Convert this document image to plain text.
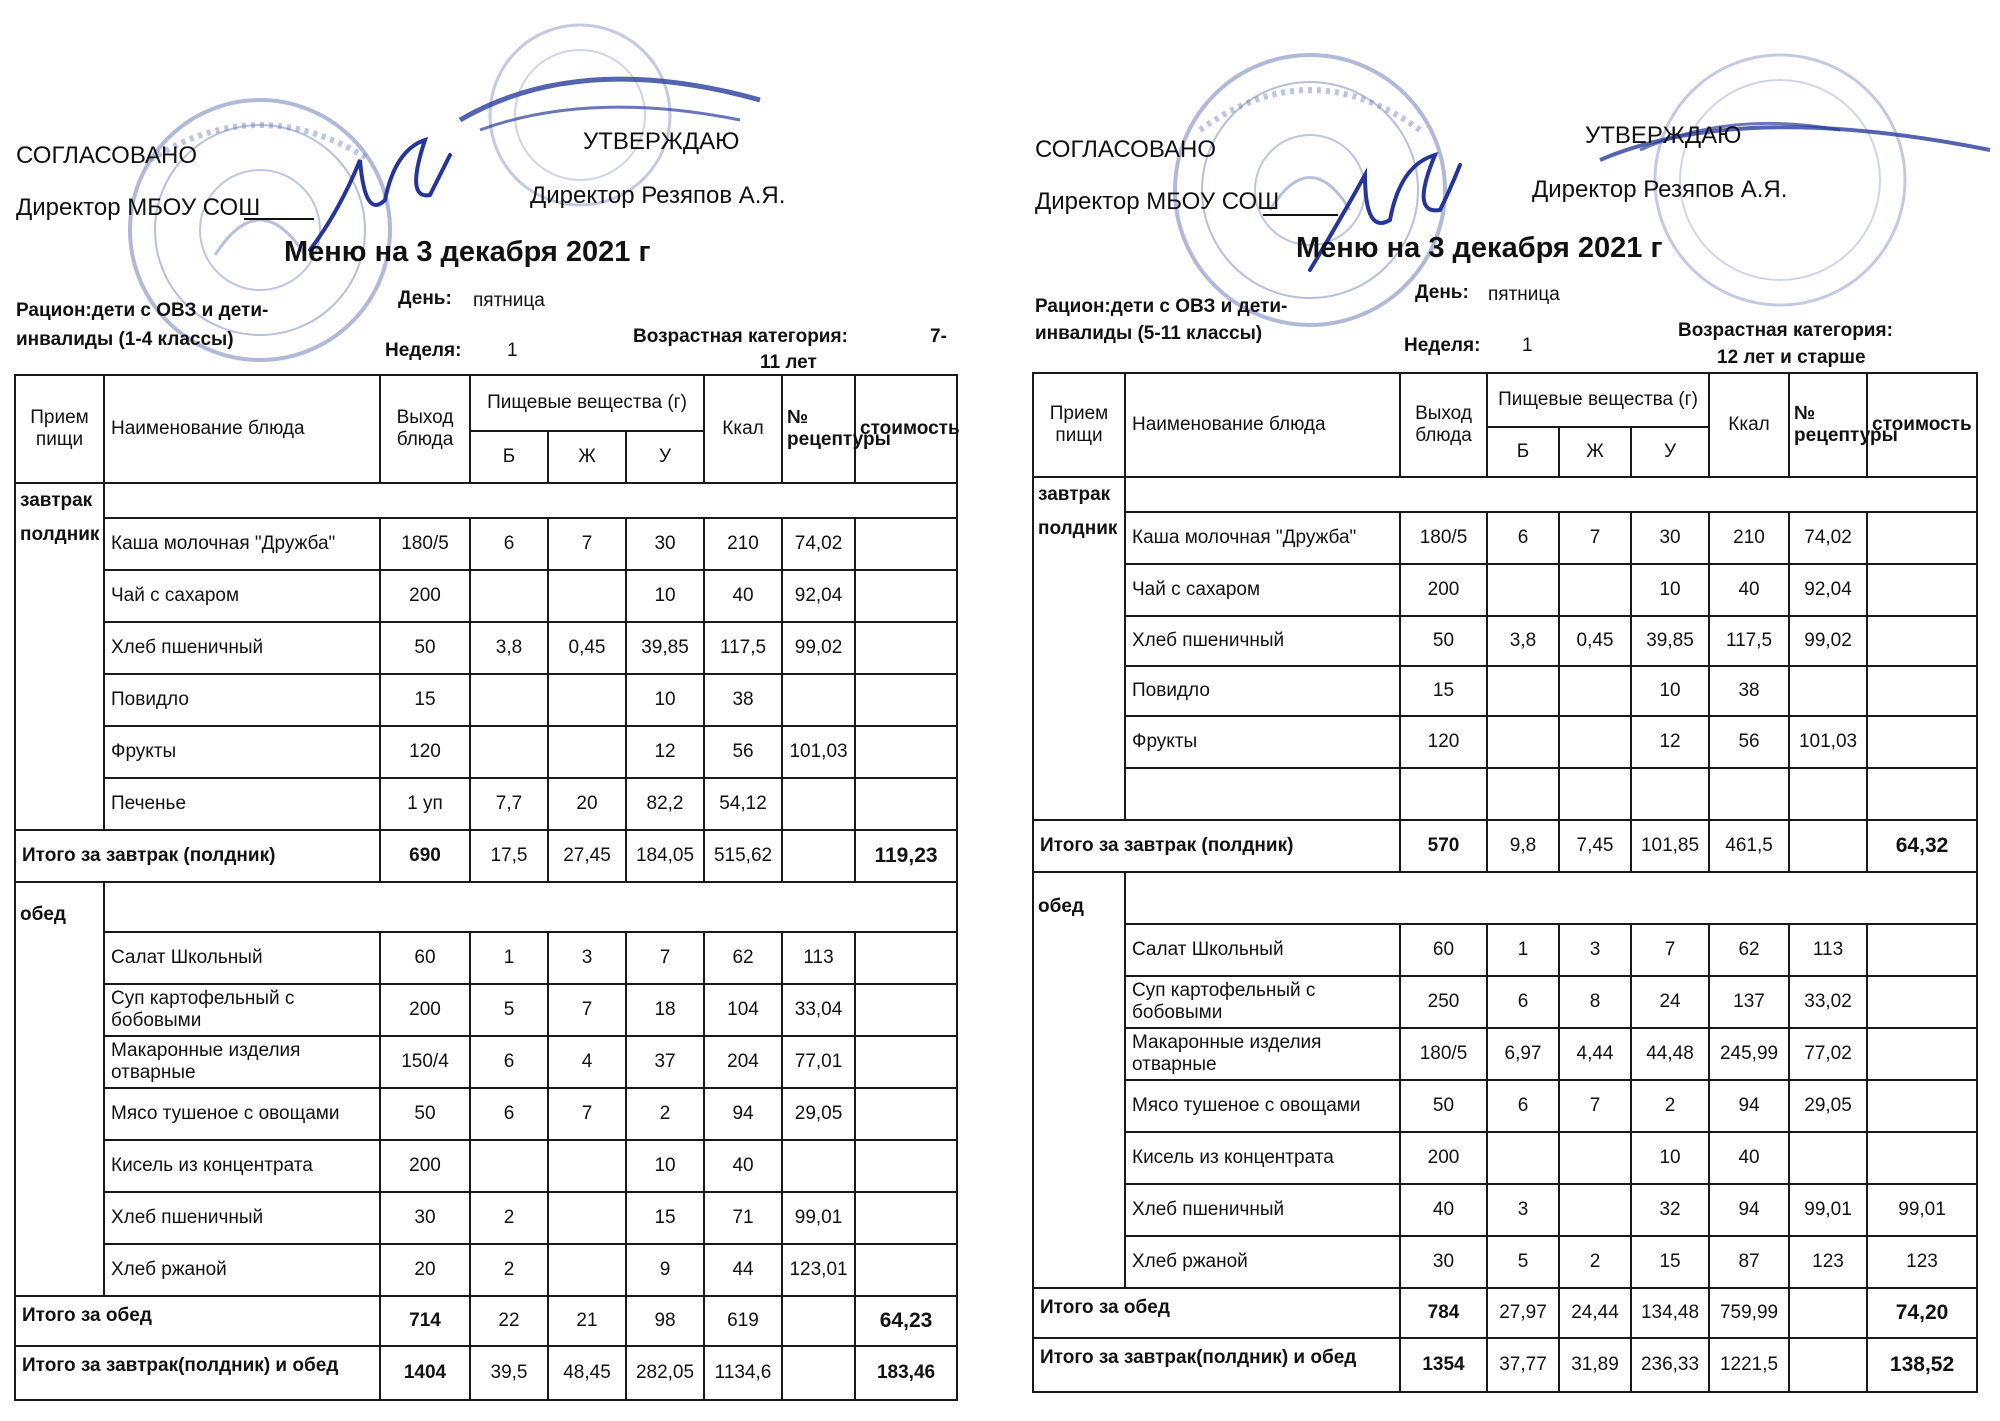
СОГЛАСОВАНО
Директор МБОУ СОШ
УТВЕРЖДАЮ
Директор Резяпов А.Я.
Меню на 3 декабря 2021 г
Рацион:дети с ОВЗ и дети-
инвалиды (1-4 классы)
День: пятница
Неделя: 1
Возрастная категория:	7-
11 лет
Прием пищи	Наименование блюда	Выход блюда	Пищевые вещества (г)			Ккал	№ рецептуры	стоимость
			Б	Ж	У			
завтрак								
полдник	Каша молочная "Дружба"	180/5	6	7	30	210	74,02	
	Чай с сахаром	200			10	40	92,04	
	Хлеб пшеничный	50	3,8	0,45	39,85	117,5	99,02	
	Повидло	15			10	38		
	Фрукты	120			12	56	101,03	
	Печенье	1 уп	7,7	20	82,2	54,12		
Итого за завтрак (полдник)		690	17,5	27,45	184,05	515,62		119,23
обед								
	Салат Школьный	60	1	3	7	62	113	
	Суп картофельный с бобовыми	200	5	7	18	104	33,04	
	Макаронные изделия отварные	150/4	6	4	37	204	77,01	
	Мясо тушеное с овощами	50	6	7	2	94	29,05	
	Кисель из концентрата	200			10	40		
	Хлеб пшеничный	30	2		15	71	99,01	
	Хлеб ржаной	20	2		9	44	123,01	
Итого за обед		714	22	21	98	619		64,23
Итого за завтрак(полдник) и обед		1404	39,5	48,45	282,05	1134,6		183,46
СОГЛАСОВАНО
Директор МБОУ СОШ
УТВЕРЖДАЮ
Директор Резяпов А.Я.
Меню на 3 декабря 2021 г
Рацион:дети с ОВЗ и дети-
инвалиды (5-11 классы)
День: пятница
Неделя: 1
Возрастная категория:
12 лет и старше
Прием пищи	Наименование блюда	Выход блюда	Пищевые вещества (г)			Ккал	№ рецептуры	стоимость
			Б	Ж	У			
завтрак								
полдник	Каша молочная "Дружба"	180/5	6	7	30	210	74,02	
	Чай с сахаром	200			10	40	92,04	
	Хлеб пшеничный	50	3,8	0,45	39,85	117,5	99,02	
	Повидло	15			10	38		
	Фрукты	120			12	56	101,03	

Итого за завтрак (полдник)		570	9,8	7,45	101,85	461,5		64,32
обед								
	Салат Школьный	60	1	3	7	62	113	
	Суп картофельный с бобовыми	250	6	8	24	137	33,02	
	Макаронные изделия отварные	180/5	6,97	4,44	44,48	245,99	77,02	
	Мясо тушеное с овощами	50	6	7	2	94	29,05	
	Кисель из концентрата	200			10	40		
	Хлеб пшеничный	40	3		32	94	99,01	99,01
	Хлеб ржаной	30	5	2	15	87	123	123
Итого за обед		784	27,97	24,44	134,48	759,99		74,20
Итого за завтрак(полдник) и обед		1354	37,77	31,89	236,33	1221,5		138,52
